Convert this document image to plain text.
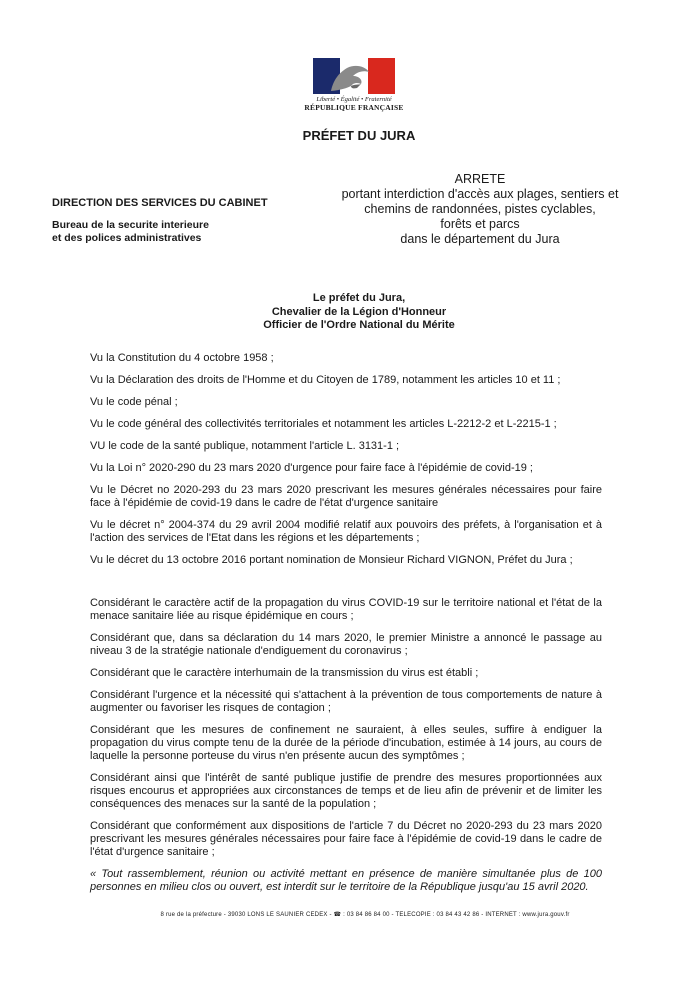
Liberté • Égalité • Fraternité
RÉPUBLIQUE FRANÇAISE
PRÉFET DU JURA
DIRECTION DES SERVICES DU CABINET
Bureau de la securite interieure
et des polices administratives
ARRETE
portant interdiction d'accès aux plages, sentiers et
chemins de randonnées, pistes cyclables,
forêts et parcs
dans le département du Jura
Le préfet du Jura,
Chevalier de la Légion d'Honneur
Officier de l'Ordre National du Mérite

Vu la Constitution du 4 octobre 1958 ;

Vu la Déclaration des droits de l'Homme et du Citoyen de 1789, notamment les articles 10 et 11 ;

Vu le code pénal ;

Vu le code général des collectivités territoriales et notamment les articles L-2212-2 et L-2215-1 ;

VU le code de la santé publique, notamment l'article L. 3131-1 ;

Vu la Loi n° 2020-290 du 23 mars 2020 d'urgence pour faire face à l'épidémie de covid-19 ;

Vu le Décret no 2020-293 du 23 mars 2020 prescrivant les mesures générales nécessaires pour faire face à l'épidémie de covid-19 dans le cadre de l'état d'urgence sanitaire

Vu le décret n° 2004-374 du 29 avril 2004 modifié relatif aux pouvoirs des préfets, à l'organisation et à l'action des services de l'Etat dans les régions et les départements ;

Vu le décret du 13 octobre 2016 portant nomination de Monsieur Richard VIGNON, Préfet du Jura ;

Considérant le caractère actif de la propagation du virus COVID-19 sur le territoire national et l'état de la menace sanitaire liée au risque épidémique en cours ;

Considérant que, dans sa déclaration du 14 mars 2020, le premier Ministre a annoncé le passage au niveau 3 de la stratégie nationale d'endiguement du coronavirus ;

Considérant que le caractère interhumain de la transmission du virus est établi ;

Considérant l'urgence et la nécessité qui s'attachent à la prévention de tous comportements de nature à augmenter ou favoriser les risques de contagion ;

Considérant que les mesures de confinement ne sauraient, à elles seules, suffire à endiguer la propagation du virus compte tenu de la durée de la période d'incubation, estimée à 14 jours, au cours de laquelle la personne porteuse du virus n'en présente aucun des symptômes ;

Considérant ainsi que l'intérêt de santé publique justifie de prendre des mesures proportionnées aux risques encourus et appropriées aux circonstances de temps et de lieu afin de prévenir et de limiter les conséquences des menaces sur la santé de la population ;

Considérant que conformément aux dispositions de l'article 7 du Décret no 2020-293 du 23 mars 2020 prescrivant les mesures générales nécessaires pour faire face à l'épidémie de covid-19 dans le cadre de l'état d'urgence sanitaire ;

« Tout rassemblement, réunion ou activité mettant en présence de manière simultanée plus de 100 personnes en milieu clos ou ouvert, est interdit sur le territoire de la République jusqu'au 15 avril 2020.

8 rue de la préfecture - 39030 LONS LE SAUNIER CEDEX - ☎ : 03 84 86 84 00 - TELECOPIE : 03 84 43 42 86 - INTERNET : www.jura.gouv.fr
